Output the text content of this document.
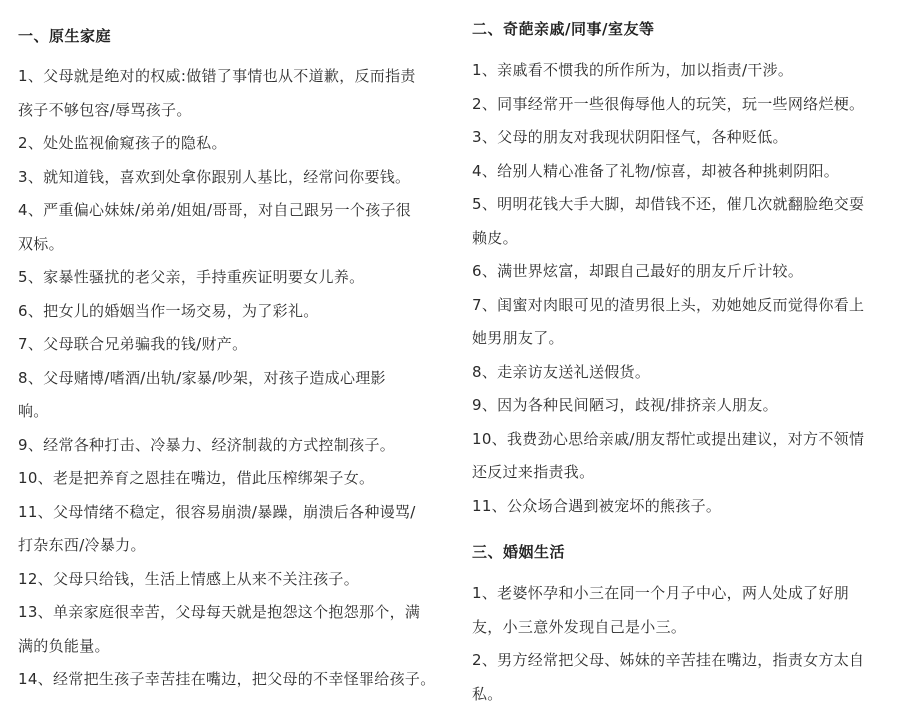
一、原生家庭
1、父母就是绝对的权威:做错了事情也从不道歉，反而指责
孩子不够包容/辱骂孩子。
2、处处监视偷窥孩子的隐私。
3、就知道钱，喜欢到处拿你跟别人基比，经常问你要钱。
4、严重偏心妹妹/弟弟/姐姐/哥哥，对自己跟另一个孩子很
双标。
5、家暴性骚扰的老父亲，手持重疾证明要女儿养。
6、把女儿的婚姻当作一场交易，为了彩礼。
7、父母联合兄弟骗我的钱/财产。
8、父母赌博/嗜酒/出轨/家暴/吵架，对孩子造成心理影
响。
9、经常各种打击、冷暴力、经济制裁的方式控制孩子。
10、老是把养育之恩挂在嘴边，借此压榨绑架子女。
11、父母情绪不稳定，很容易崩溃/暴躁，崩溃后各种谩骂/
打杂东西/冷暴力。
12、父母只给钱，生活上情感上从来不关注孩子。
13、单亲家庭很幸苦，父母每天就是抱怨这个抱怨那个，满
满的负能量。
14、经常把生孩子幸苦挂在嘴边，把父母的不幸怪罪给孩子。
二、奇葩亲戚/同事/室友等
1、亲戚看不惯我的所作所为，加以指责/干涉。
2、同事经常开一些很侮辱他人的玩笑，玩一些网络烂梗。
3、父母的朋友对我现状阴阳怪气，各种贬低。
4、给别人精心准备了礼物/惊喜，却被各种挑刺阴阳。
5、明明花钱大手大脚，却借钱不还，催几次就翻脸绝交耍
赖皮。
6、满世界炫富，却跟自己最好的朋友斤斤计较。
7、闺蜜对肉眼可见的渣男很上头，劝她她反而觉得你看上
她男朋友了。
8、走亲访友送礼送假货。
9、因为各种民间陋习，歧视/排挤亲人朋友。
10、我费劲心思给亲戚/朋友帮忙或提出建议，对方不领情
还反过来指责我。
11、公众场合遇到被宠坏的熊孩子。
三、婚姻生活
1、老婆怀孕和小三在同一个月子中心，两人处成了好朋
友，小三意外发现自己是小三。
2、男方经常把父母、姊妹的辛苦挂在嘴边，指责女方太自
私。
